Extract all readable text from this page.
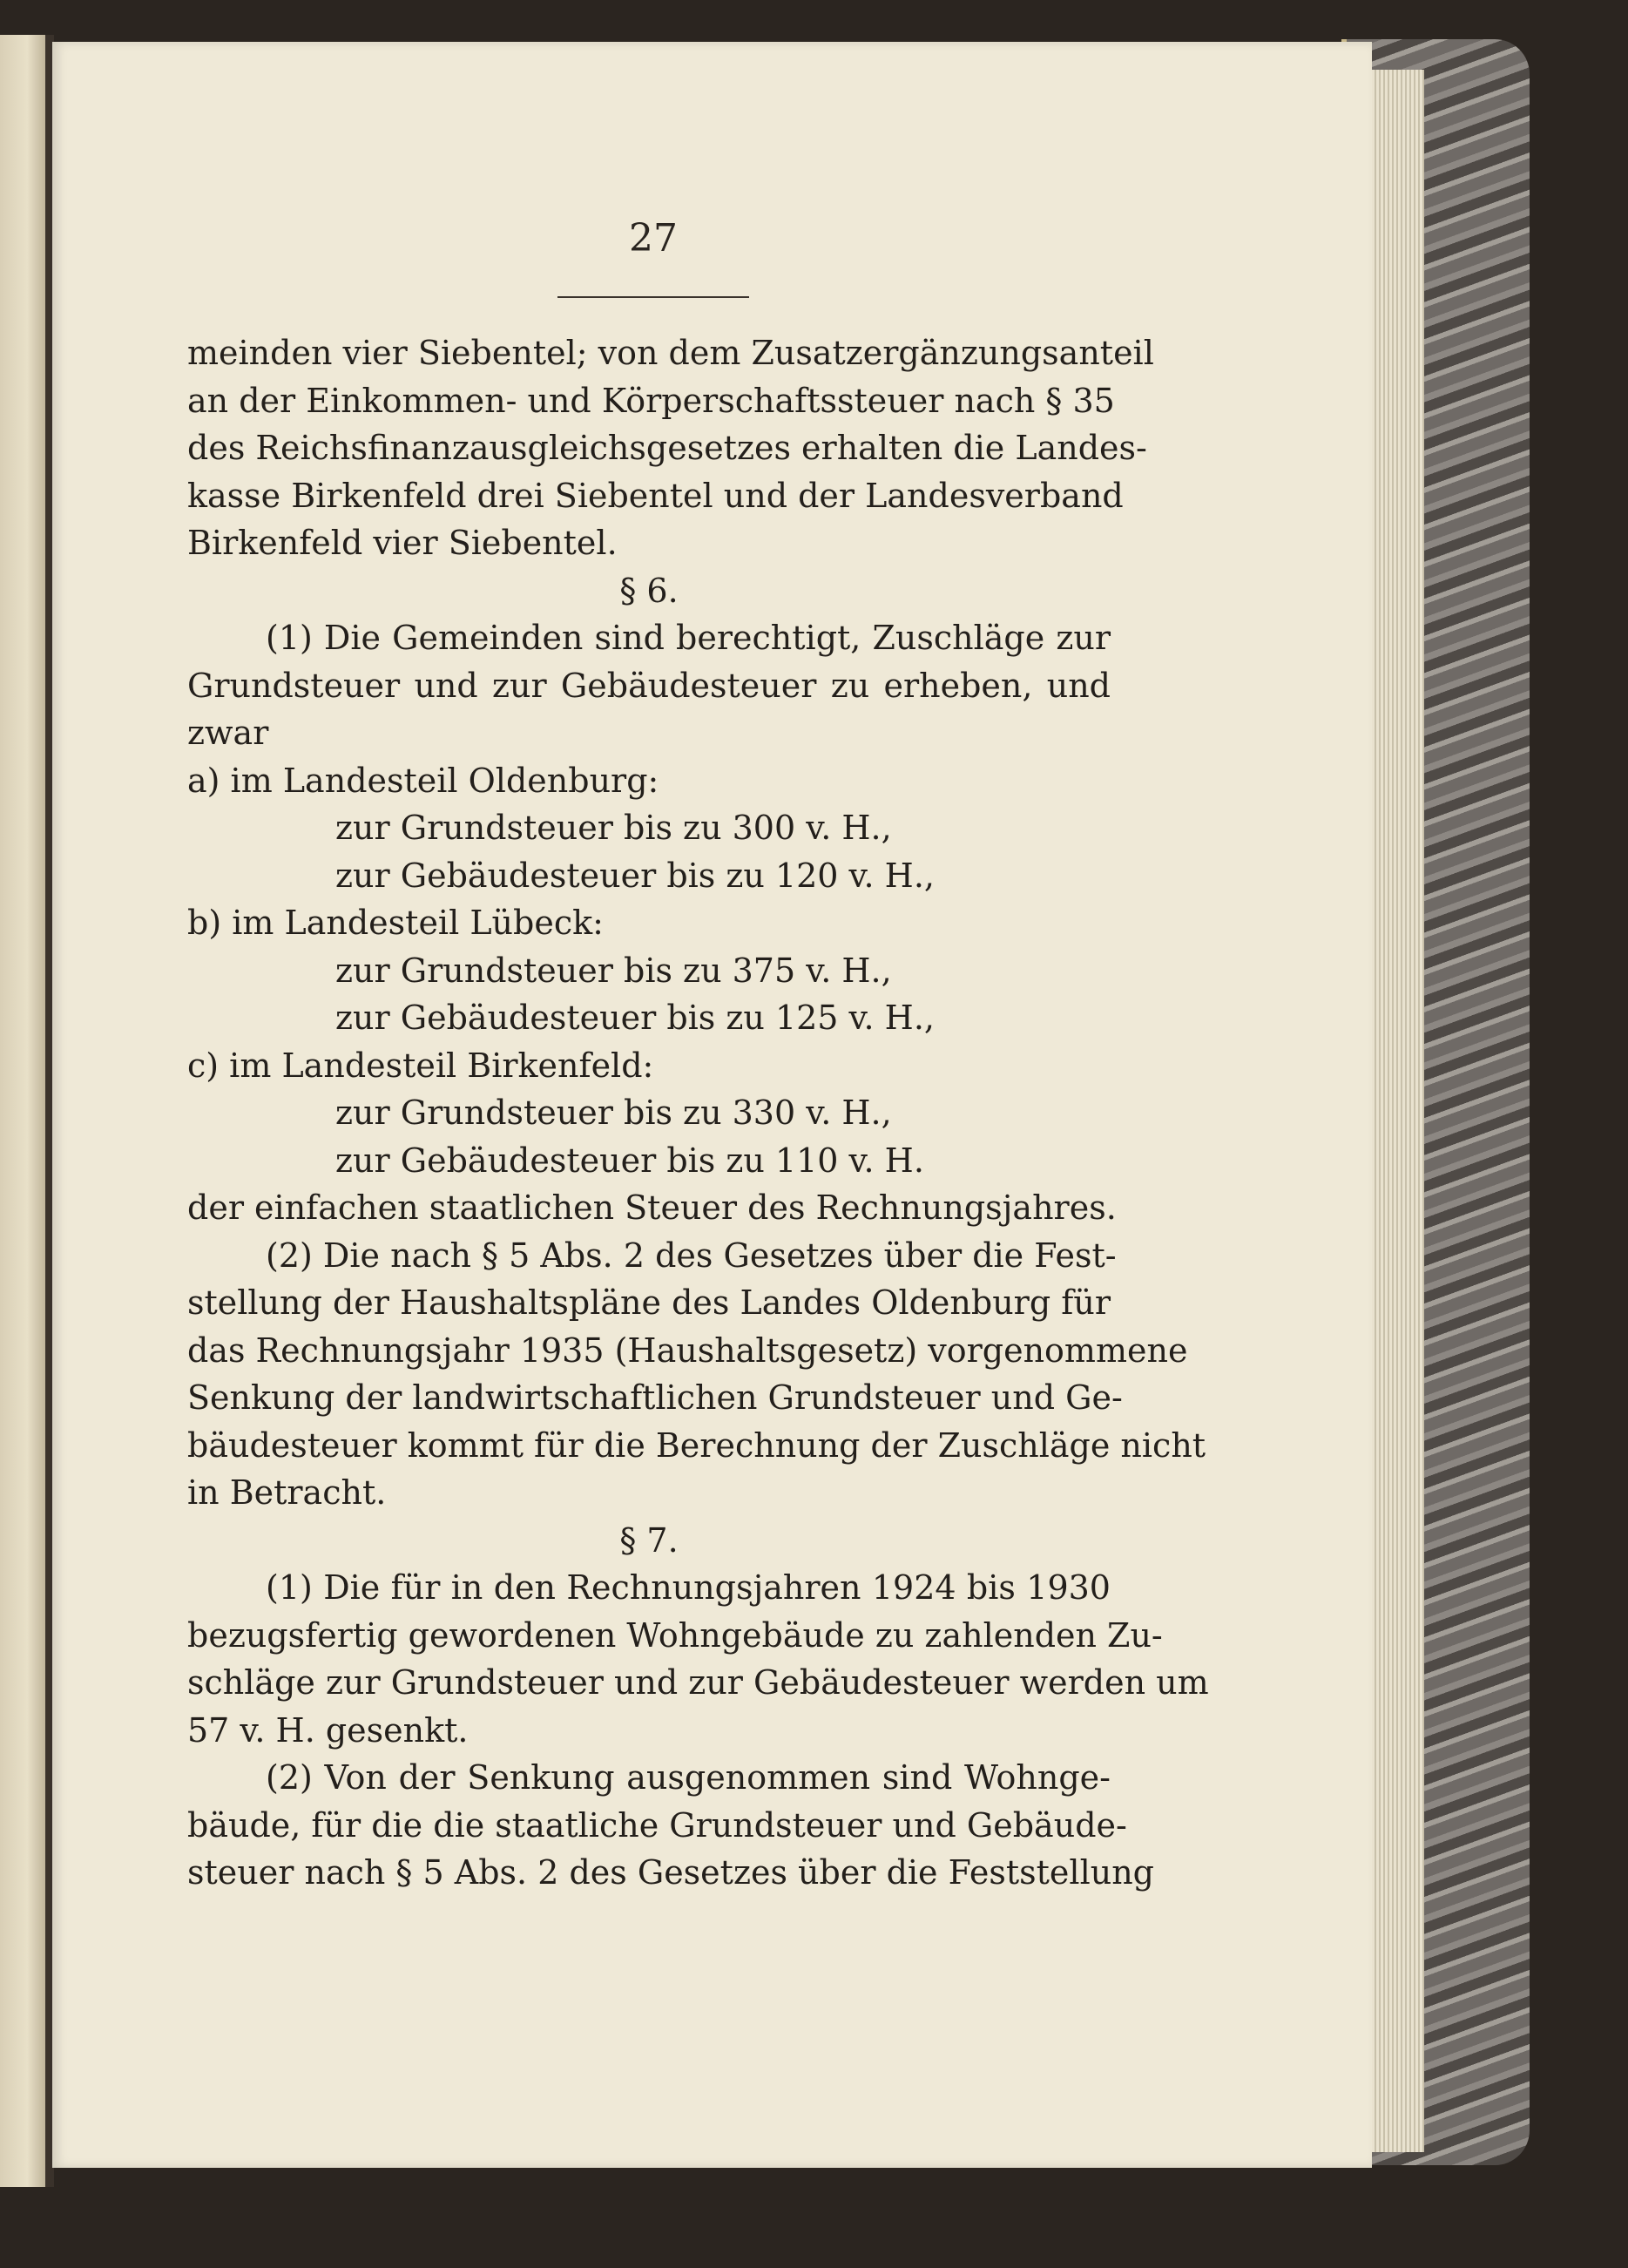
27
meinden vier Siebentel; von dem Zusatzergänzungsanteil
an der Einkommen- und Körperschaftssteuer nach § 35
des Reichsfinanzausgleichsgesetzes erhalten die Landes-
kasse Birkenfeld drei Siebentel und der Landesverband
Birkenfeld vier Siebentel.
§ 6.
(1) Die Gemeinden sind berechtigt, Zuschläge zur
Grundsteuer und zur Gebäudesteuer zu erheben, und
zwar
a) im Landesteil Oldenburg:
zur Grundsteuer bis zu 300 v. H.,
zur Gebäudesteuer bis zu 120 v. H.,
b) im Landesteil Lübeck:
zur Grundsteuer bis zu 375 v. H.,
zur Gebäudesteuer bis zu 125 v. H.,
c) im Landesteil Birkenfeld:
zur Grundsteuer bis zu 330 v. H.,
zur Gebäudesteuer bis zu 110 v. H.
der einfachen staatlichen Steuer des Rechnungsjahres.
(2) Die nach § 5 Abs. 2 des Gesetzes über die Fest-
stellung der Haushaltspläne des Landes Oldenburg für
das Rechnungsjahr 1935 (Haushaltsgesetz) vorgenommene
Senkung der landwirtschaftlichen Grundsteuer und Ge-
bäudesteuer kommt für die Berechnung der Zuschläge nicht
in Betracht.
§ 7.
(1) Die für in den Rechnungsjahren 1924 bis 1930
bezugsfertig gewordenen Wohngebäude zu zahlenden Zu-
schläge zur Grundsteuer und zur Gebäudesteuer werden um
57 v. H. gesenkt.
(2) Von der Senkung ausgenommen sind Wohnge-
bäude, für die die staatliche Grundsteuer und Gebäude-
steuer nach § 5 Abs. 2 des Gesetzes über die Feststellung
